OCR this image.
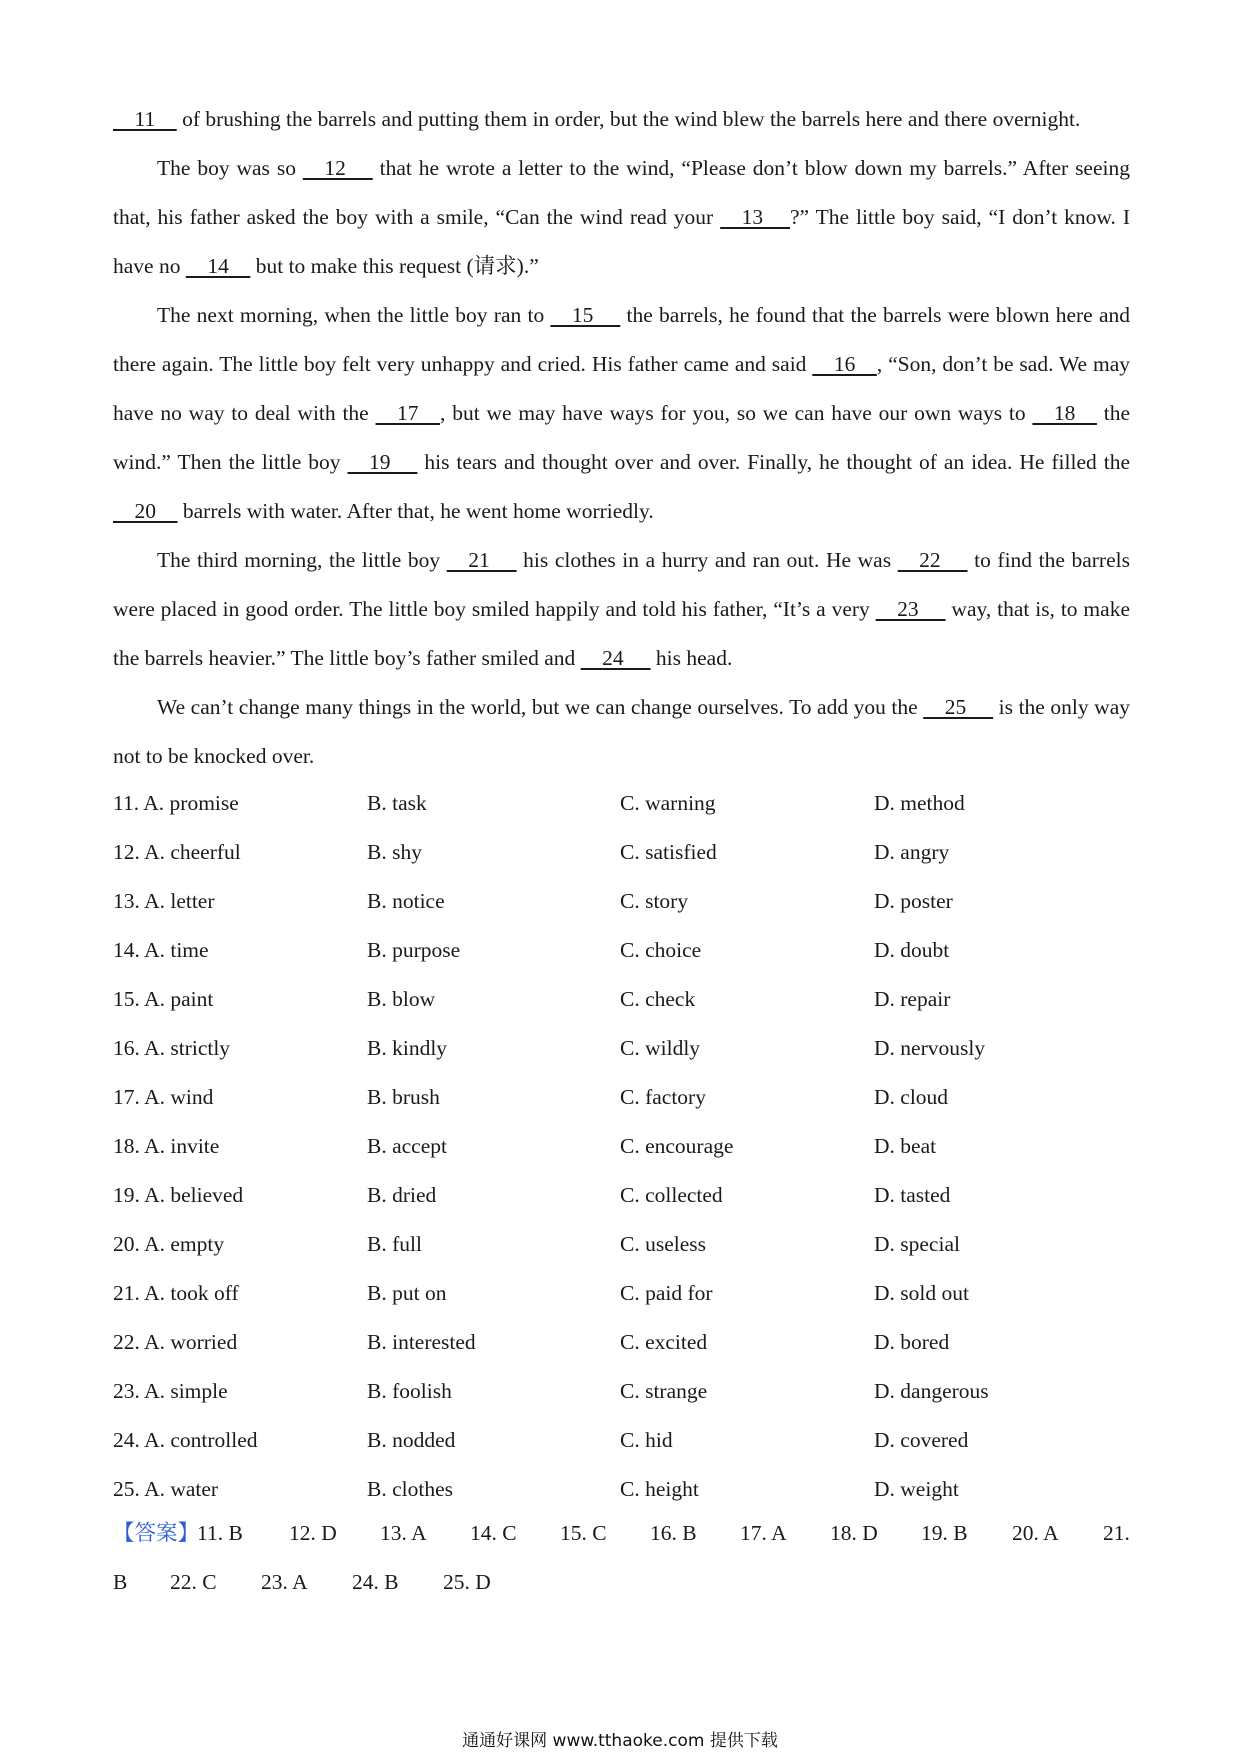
11     of brushing the barrels and putting them in order, but the wind blew the barrels here and there overnight.

The boy was so     12      that he wrote a letter to the wind, “Please don’t blow down my barrels.” After seeing that, his father asked the boy with a smile, “Can the wind read your     13     ?” The little boy said, “I don’t know. I have no     14     but to make this request (请求).”

The next morning, when the little boy ran to     15      the barrels, he found that the barrels were blown here and there again. The little boy felt very unhappy and cried. His father came and said     16    , “Son, don’t be sad. We may have no way to deal with the     17    , but we may have ways for you, so we can have our own ways to     18     the wind.” Then the little boy     19      his tears and thought over and over. Finally, he thought of an idea. He filled the     20     barrels with water. After that, he went home worriedly.

The third morning, the little boy     21      his clothes in a hurry and ran out. He was     22      to find the barrels were placed in good order. The little boy smiled happily and told his father, “It’s a very     23      way, that is, to make the barrels heavier.” The little boy’s father smiled and     24      his head.

We can’t change many things in the world, but we can change ourselves. To add you the     25      is the only way not to be knocked over.

11. A. promise	B. task	C. warning	D. method
12. A. cheerful	B. shy	C. satisfied	D. angry
13. A. letter	B. notice	C. story	D. poster
14. A. time	B. purpose	C. choice	D. doubt
15. A. paint	B. blow	C. check	D. repair
16. A. strictly	B. kindly	C. wildly	D. nervously
17. A. wind	B. brush	C. factory	D. cloud
18. A. invite	B. accept	C. encourage	D. beat
19. A. believed	B. dried	C. collected	D. tasted
20. A. empty	B. full	C. useless	D. special
21. A. took off	B. put on	C. paid for	D. sold out
22. A. worried	B. interested	C. excited	D. bored
23. A. simple	B. foolish	C. strange	D. dangerous
24. A. controlled	B. nodded	C. hid	D. covered
25. A. water	B. clothes	C. height	D. weight
【答案】
11. B 12. D 13. A 14. C 15. C 16. B 17. A 18. D 19. B 20. A 21.
B 22. C 23. A 24. B 25. D
通通好课网 www.tthaoke.com 提供下载
